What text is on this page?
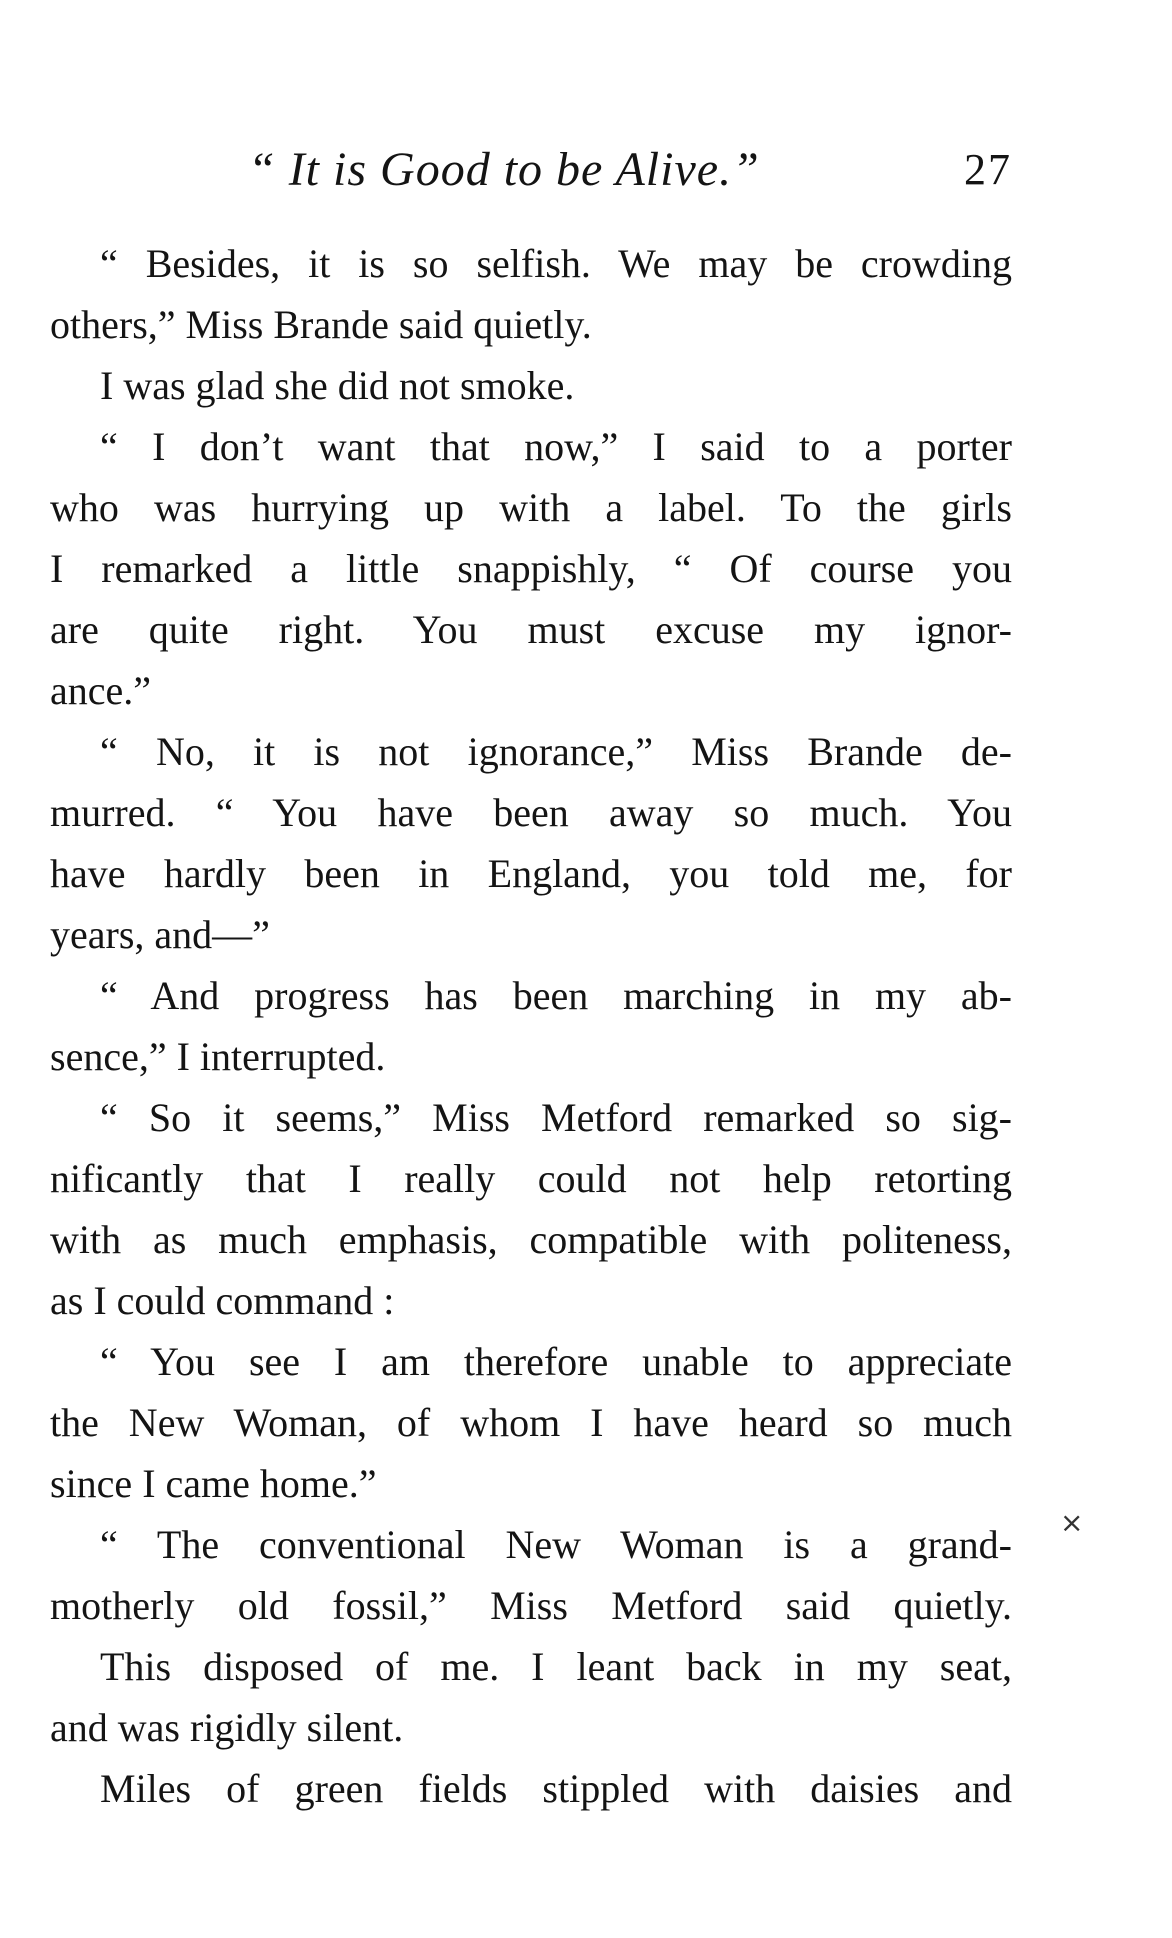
“ It is Good to be Alive.”	27
“ Besides, it is so selfish. We may be crowding
others,” Miss Brande said quietly.
I was glad she did not smoke.
“ I don’t want that now,” I said to a porter
who was hurrying up with a label. To the girls
I remarked a little snappishly, “ Of course you
are quite right. You must excuse my ignor-
ance.”
“ No, it is not ignorance,” Miss Brande de-
murred. “ You have been away so much. You
have hardly been in England, you told me, for
years, and—”
“ And progress has been marching in my ab-
sence,” I interrupted.
“ So it seems,” Miss Metford remarked so sig-
nificantly that I really could not help retorting
with as much emphasis, compatible with politeness,
as I could command :
“ You see I am therefore unable to appreciate
the New Woman, of whom I have heard so much
since I came home.”
“ The conventional New Woman is a grand-
motherly old fossil,” Miss Metford said quietly.
This disposed of me. I leant back in my seat,
and was rigidly silent.
Miles of green fields stippled with daisies and
×
